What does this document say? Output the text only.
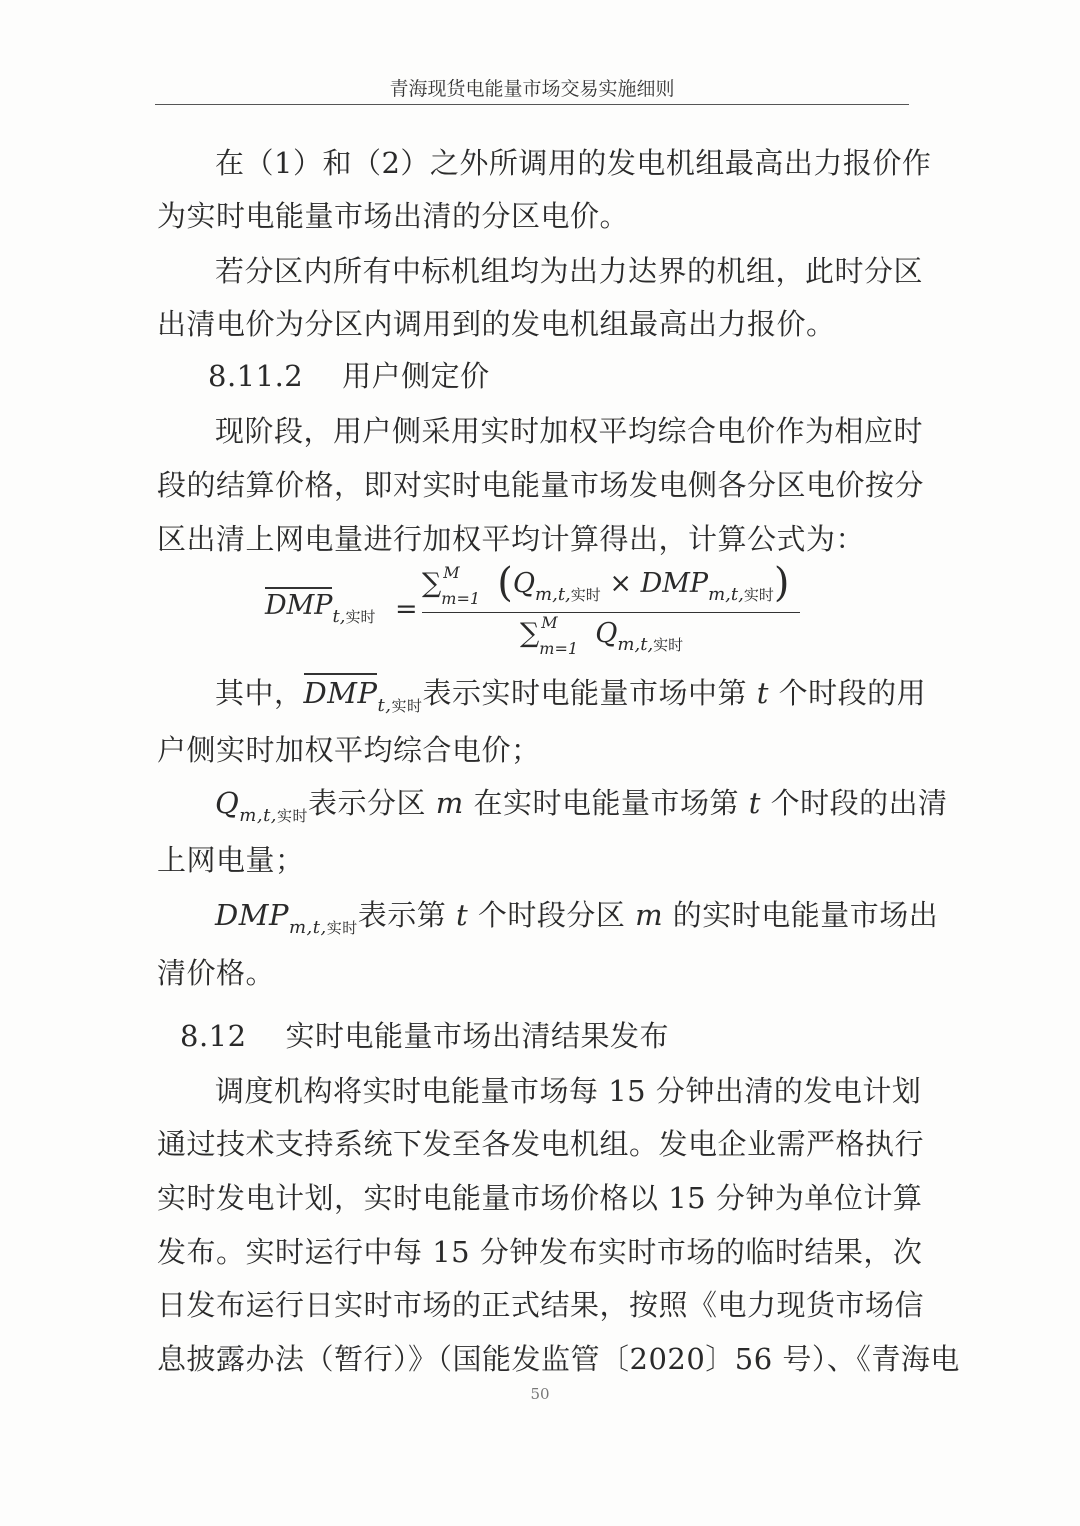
青海现货电能量市场交易实施细则
在（1）和（2）之外所调用的发电机组最高出力报价作
为实时电能量市场出清的分区电价。
若分区内所有中标机组均为出力达界的机组，此时分区
出清电价为分区内调用到的发电机组最高出力报价。
8.11.2 用户侧定价
现阶段，用户侧采用实时加权平均综合电价作为相应时
段的结算价格，即对实时电能量市场发电侧各分区电价按分
区出清上网电量进行加权平均计算得出，计算公式为：
$DMP_{t,实时}$ =
∑ M
m=1 $(Q_{m,t,实时} \times DMP_{m,t,实时})$
∑ M
m=1 $Q_{m,t,实时}$
其中，$DMP_{t,实时}$表示实时电能量市场中第 t 个时段的用
户侧实时加权平均综合电价；
$Q_{m,t,实时}$表示分区 m 在实时电能量市场第 t 个时段的出清
上网电量；
$DMP_{m,t,实时}$表示第 t 个时段分区 m 的实时电能量市场出
清价格。
8.12 实时电能量市场出清结果发布
调度机构将实时电能量市场每 15 分钟出清的发电计划
通过技术支持系统下发至各发电机组。发电企业需严格执行
实时发电计划，实时电能量市场价格以 15 分钟为单位计算
发布。实时运行中每 15 分钟发布实时市场的临时结果，次
日发布运行日实时市场的正式结果，按照《电力现货市场信
息披露办法（暂行）》（国能发监管〔2020〕56 号）、《青海电
50
